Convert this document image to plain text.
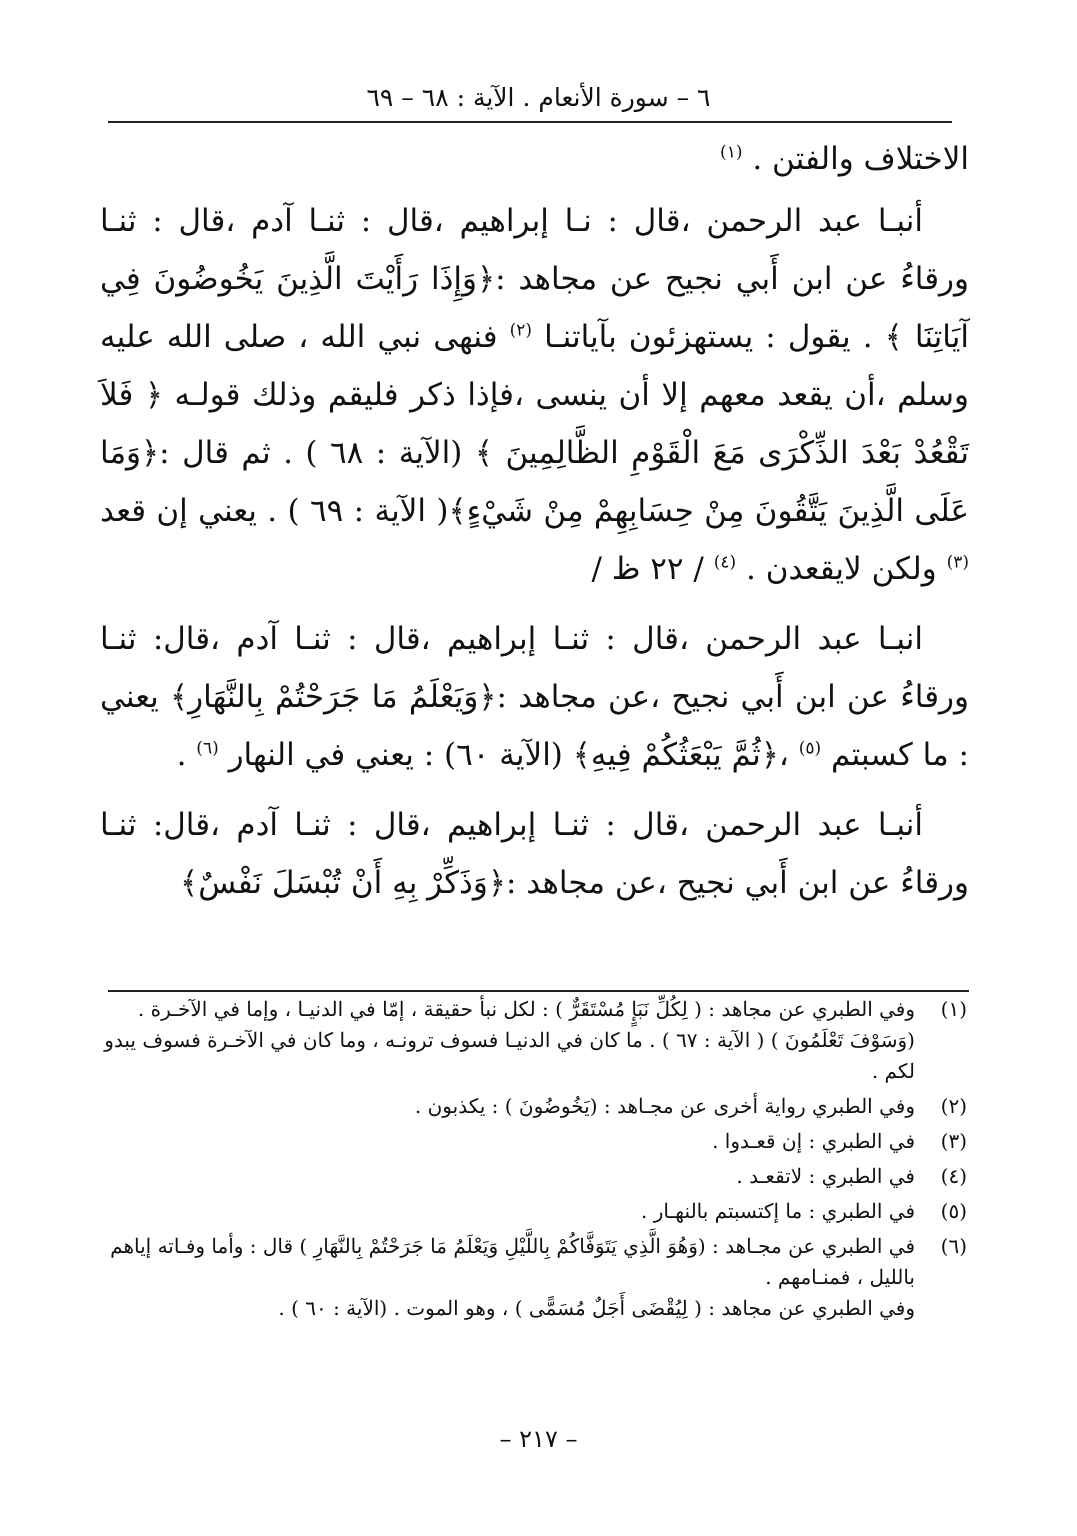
٦ – سورة الأنعام . الآية : ٦٨ – ٦٩

الاختلاف والفتن . $^{(١)}$

أنبـا عبد الرحمن ،قال : نـا إبراهيم ،قال : ثنـا آدم ،قال : ثنـا ورقاءُ عن ابن أَبي نجيح عن مجاهد :﴿وَإِذَا رَأَيْتَ الَّذِينَ يَخُوضُونَ فِي آيَاتِنَا ﴾ . يقول : يستهزئون بآياتنـا $^{(٢)}$ فنهى نبي الله ، صلى الله عليه وسلم ،أن يقعد معهم إلا أن ينسى ،فإذا ذكر فليقم وذلك قولـه ﴿ فَلاَ تَقْعُدْ بَعْدَ الذِّكْرَى مَعَ الْقَوْمِ الظَّالِمِينَ ﴾ (الآية : ٦٨ ) . ثم قال :﴿وَمَا عَلَى الَّذِينَ يَتَّقُونَ مِنْ حِسَابِهِمْ مِنْ شَيْءٍ﴾( الآية : ٦٩ ) . يعني إن قعد $^{(٣)}$ ولكن لايقعدن . $^{(٤)}$ / ٢٢ ظ /

انبـا عبد الرحمن ،قال : ثنـا إبراهيم ،قال : ثنـا آدم ،قال: ثنـا ورقاءُ عن ابن أَبي نجيح ،عن مجاهد :﴿وَيَعْلَمُ مَا جَرَحْتُمْ بِالنَّهَارِ﴾ يعني : ما كسبتم $^{(٥)}$ ،﴿ثُمَّ يَبْعَثُكُمْ فِيهِ﴾ (الآية ٦٠) : يعني في النهار $^{(٦)}$ .

أنبـا عبد الرحمن ،قال : ثنـا إبراهيم ،قال : ثنـا آدم ،قال: ثنـا ورقاءُ عن ابن أَبي نجيح ،عن مجاهد :﴿وَذَكِّرْ بِهِ أَنْ تُبْسَلَ نَفْسٌ﴾

(١)
وفي الطبري عن مجاهد : ( لِكُلِّ نَبَإٍ مُسْتَقَرٌّ ) : لكل نبأ حقيقة ، إمّا في الدنيـا ، وإما في الآخـرة . (وَسَوْفَ تَعْلَمُونَ ) ( الآية : ٦٧ ) . ما كان في الدنيـا فسوف ترونـه ، وما كان في الآخـرة فسوف يبدو لكم .
(٢)
وفي الطبري رواية أخرى عن مجـاهد : (يَخُوضُونَ ) : يكذبون .
(٣)
في الطبري : إن قعـدوا .
(٤)
في الطبري : لاتقعـد .
(٥)
في الطبري : ما إكتسبتم بالنهـار .
(٦)
في الطبري عن مجـاهد : (وَهُوَ الَّذِي يَتَوَفَّاكُمْ بِاللَّيْلِ وَيَعْلَمُ مَا جَرَحْتُمْ بِالنَّهَارِ ) قال : وأما وفـاته إياهم بالليل ، فمنـامهم .

وفي الطبري عن مجاهد : ( لِيُقْضَى أَجَلٌ مُسَمًّى ) ، وهو الموت . (الآية : ٦٠ ) .

– ٢١٧ –
